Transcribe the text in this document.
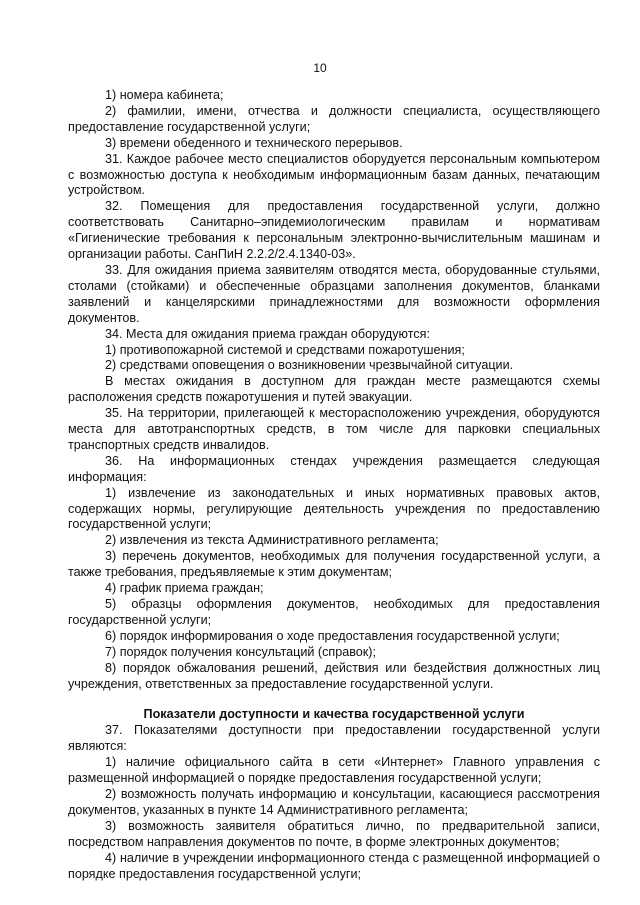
10

1) номера кабинета;

2) фамилии, имени, отчества и должности специалиста, осуществляющего предоставление государственной услуги;

3) времени обеденного и технического перерывов.

31. Каждое рабочее место специалистов оборудуется персональным компьютером с возможностью доступа к необходимым информационным базам данных, печатающим устройством.

32. Помещения для предоставления государственной услуги, должно соответствовать Санитарно–эпидемиологическим правилам и нормативам «Гигиенические требования к персональным электронно-вычислительным машинам и организации работы. СанПиН 2.2.2/2.4.1340-03».

33. Для ожидания приема заявителям отводятся места, оборудованные стульями, столами (стойками) и обеспеченные образцами заполнения документов, бланками заявлений и канцелярскими принадлежностями для возможности оформления документов.

34. Места для ожидания приема граждан оборудуются:

1) противопожарной системой и средствами пожаротушения;

2) средствами оповещения о возникновении чрезвычайной ситуации.

В местах ожидания в доступном для граждан месте размещаются схемы расположения средств пожаротушения и путей эвакуации.

35. На территории, прилегающей к месторасположению учреждения, оборудуются места для автотранспортных средств, в том числе для парковки специальных транспортных средств инвалидов.

36. На информационных стендах учреждения размещается следующая информация:

1) извлечение из законодательных и иных нормативных правовых актов, содержащих нормы, регулирующие деятельность учреждения по предоставлению государственной услуги;

2) извлечения из текста Административного регламента;

3) перечень документов, необходимых для получения государственной услуги, а также требования, предъявляемые к этим документам;

4) график приема граждан;

5) образцы оформления документов, необходимых для предоставления государственной услуги;

6) порядок информирования о ходе предоставления государственной услуги;

7) порядок получения консультаций (справок);

8) порядок обжалования решений, действия или бездействия должностных лиц учреждения, ответственных за предоставление государственной услуги.

Показатели доступности и качества государственной услуги

37. Показателями доступности при предоставлении государственной услуги являются:

1) наличие официального сайта в сети «Интернет» Главного управления с размещенной информацией о порядке предоставления государственной услуги;

2) возможность получать информацию и консультации, касающиеся рассмотрения документов, указанных в пункте 14 Административного регламента;

3) возможность заявителя обратиться лично, по предварительной записи, посредством направления документов по почте, в форме электронных документов;

4) наличие в учреждении информационного стенда с размещенной информацией о порядке предоставления государственной услуги;
